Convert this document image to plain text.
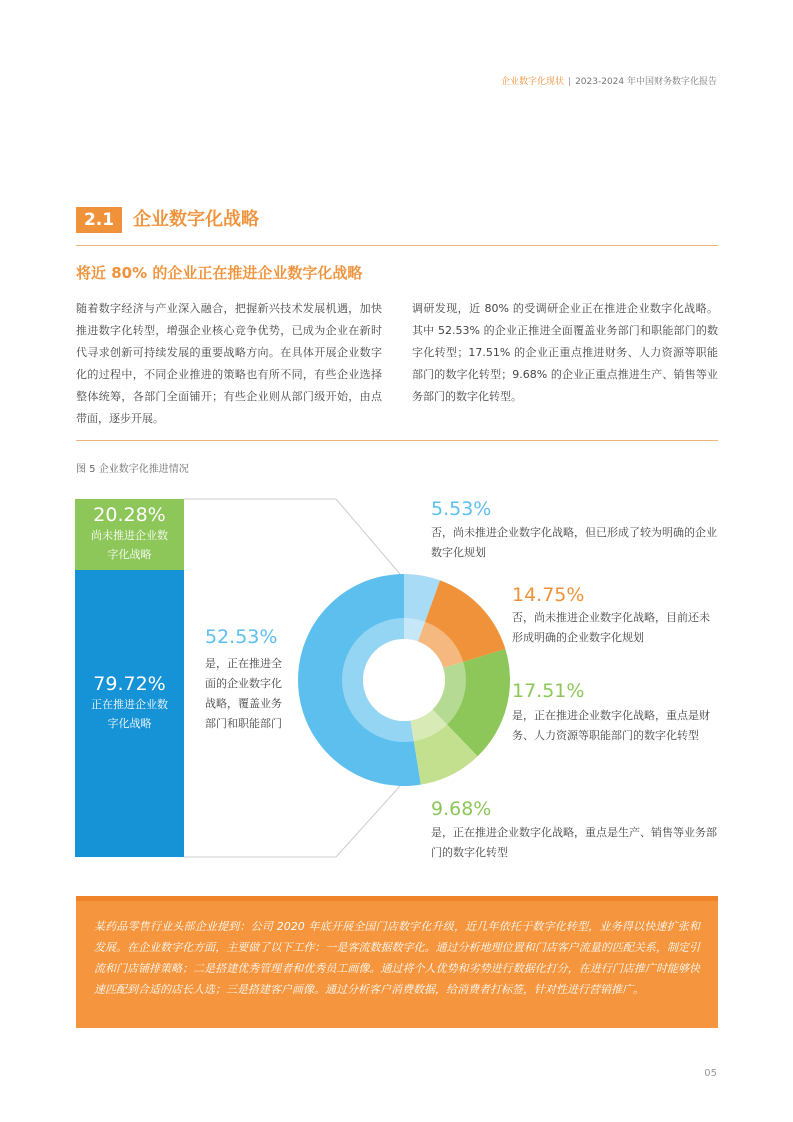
企业数字化现状 | 2023-2024 年中国财务数字化报告
2.1	企业数字化战略
将近 80% 的企业正在推进企业数字化战略
随着数字经济与产业深入融合，把握新兴技术发展机遇，加快推进数字化转型，增强企业核心竞争优势，已成为企业在新时代寻求创新可持续发展的重要战略方向。在具体开展企业数字化的过程中，不同企业推进的策略也有所不同，有些企业选择整体统筹，各部门全面铺开；有些企业则从部门级开始，由点带面，逐步开展。
调研发现，近 80% 的受调研企业正在推进企业数字化战略。其中 52.53% 的企业正推进全面覆盖业务部门和职能部门的数字化转型；17.51% 的企业正重点推进财务、人力资源等职能部门的数字化转型；9.68% 的企业正重点推进生产、销售等业务部门的数字化转型。
图 5 企业数字化推进情况
20.28%
尚未推进企业数字化战略
79.72%
正在推进企业数字化战略
5.53%
否，尚未推进企业数字化战略，但已形成了较为明确的企业数字化规划
14.75%
否，尚未推进企业数字化战略，目前还未形成明确的企业数字化规划
17.51%
是，正在推进企业数字化战略，重点是财务、人力资源等职能部门的数字化转型
9.68%
是，正在推进企业数字化战略，重点是生产、销售等业务部门的数字化转型
52.53%
是，正在推进全面的企业数字化战略，覆盖业务部门和职能部门

某药品零售行业头部企业提到：公司 2020 年底开展全国门店数字化升级，近几年依托于数字化转型，业务得以快速扩张和发展。在企业数字化方面，主要做了以下工作：一是客流数据数字化。通过分析地理位置和门店客户流量的匹配关系，制定引流和门店铺排策略；二是搭建优秀管理者和优秀员工画像。通过将个人优势和劣势进行数据化打分，在进行门店推广时能够快速匹配到合适的店长人选；三是搭建客户画像。通过分析客户消费数据，给消费者打标签，针对性进行营销推广。

05
